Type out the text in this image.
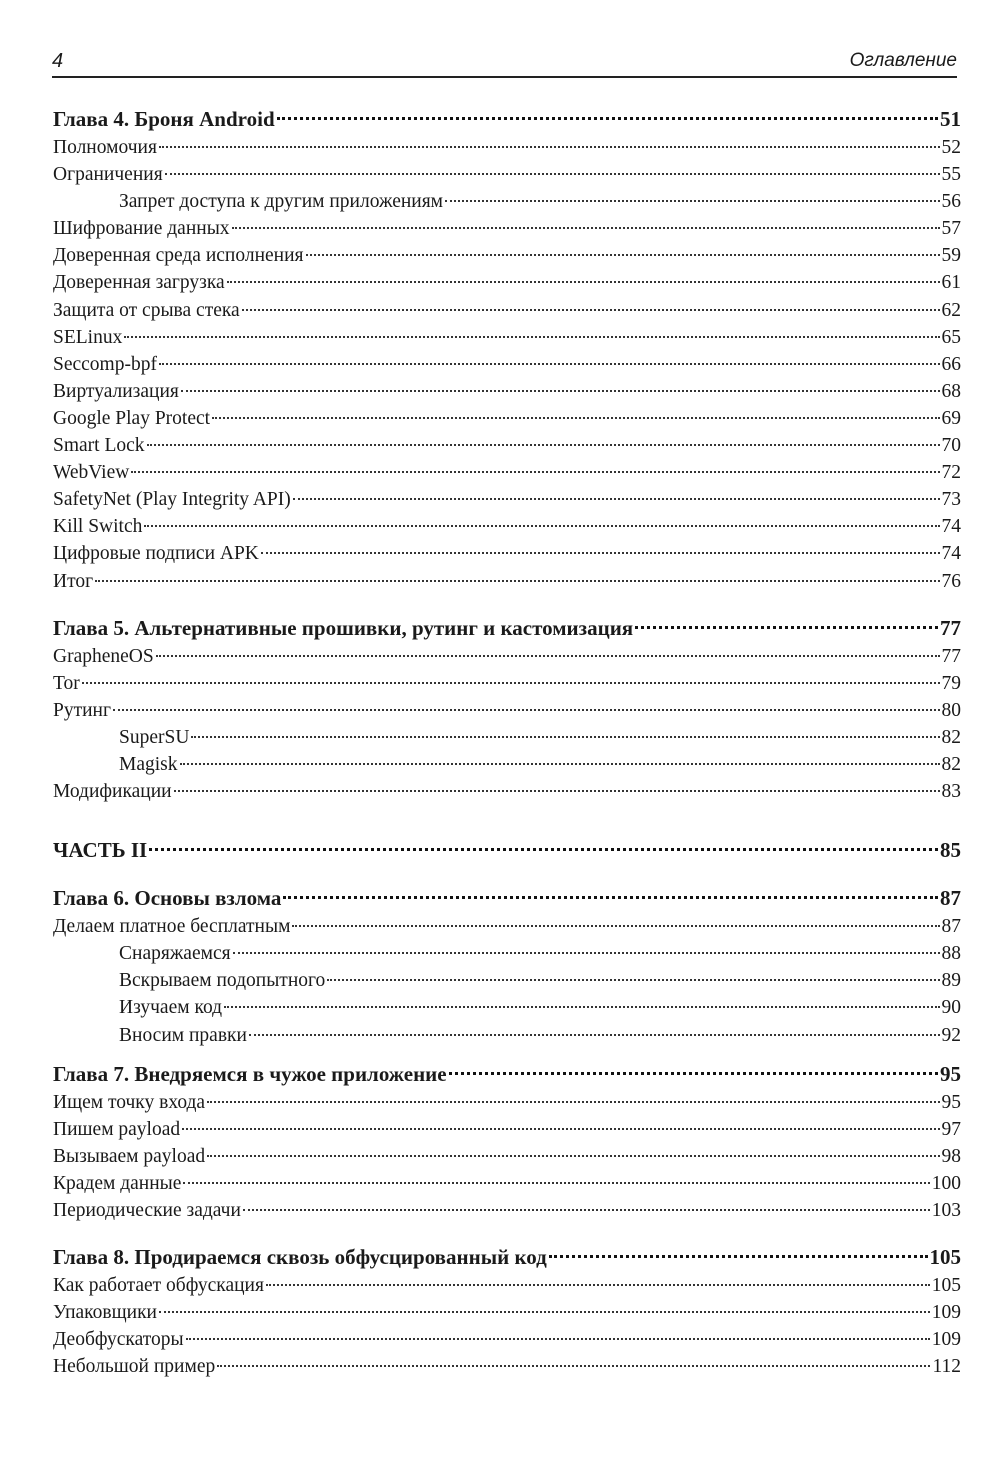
4	Оглавление
Глава 4. Броня Android	51
Полномочия	52
Ограничения	55
Запрет доступа к другим приложениям	56
Шифрование данных	57
Доверенная среда исполнения	59
Доверенная загрузка	61
Защита от срыва стека	62
SELinux	65
Seccomp-bpf	66
Виртуализация	68
Google Play Protect	69
Smart Lock	70
WebView	72
SafetyNet (Play Integrity API)	73
Kill Switch	74
Цифровые подписи APK	74
Итог	76
Глава 5. Альтернативные прошивки, рутинг и кастомизация	77
GrapheneOS	77
Tor	79
Рутинг	80
SuperSU	82
Magisk	82
Модификации	83
ЧАСТЬ II	85
Глава 6. Основы взлома	87
Делаем платное бесплатным	87
Снаряжаемся	88
Вскрываем подопытного	89
Изучаем код	90
Вносим правки	92
Глава 7. Внедряемся в чужое приложение	95
Ищем точку входа	95
Пишем payload	97
Вызываем payload	98
Крадем данные	100
Периодические задачи	103
Глава 8. Продираемся сквозь обфусцированный код	105
Как работает обфускация	105
Упаковщики	109
Деобфускаторы	109
Небольшой пример	112
